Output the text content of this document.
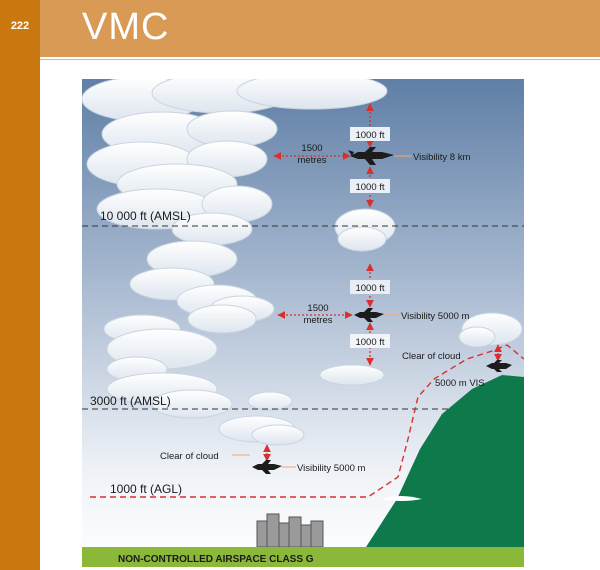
222 VMC
NON-CONTROLLED AIRSPACE CLASS G
1000 ft
1000 ft
1500
metres	Visibility 8 km
1000 ft
1000 ft
1500
metres	Visibility 5000 m
Clear of cloud
5000 m VIS
Clear of cloud
Visibility 5000 m
10 000 ft (AMSL)
3000 ft (AMSL)
1000 ft (AGL)
